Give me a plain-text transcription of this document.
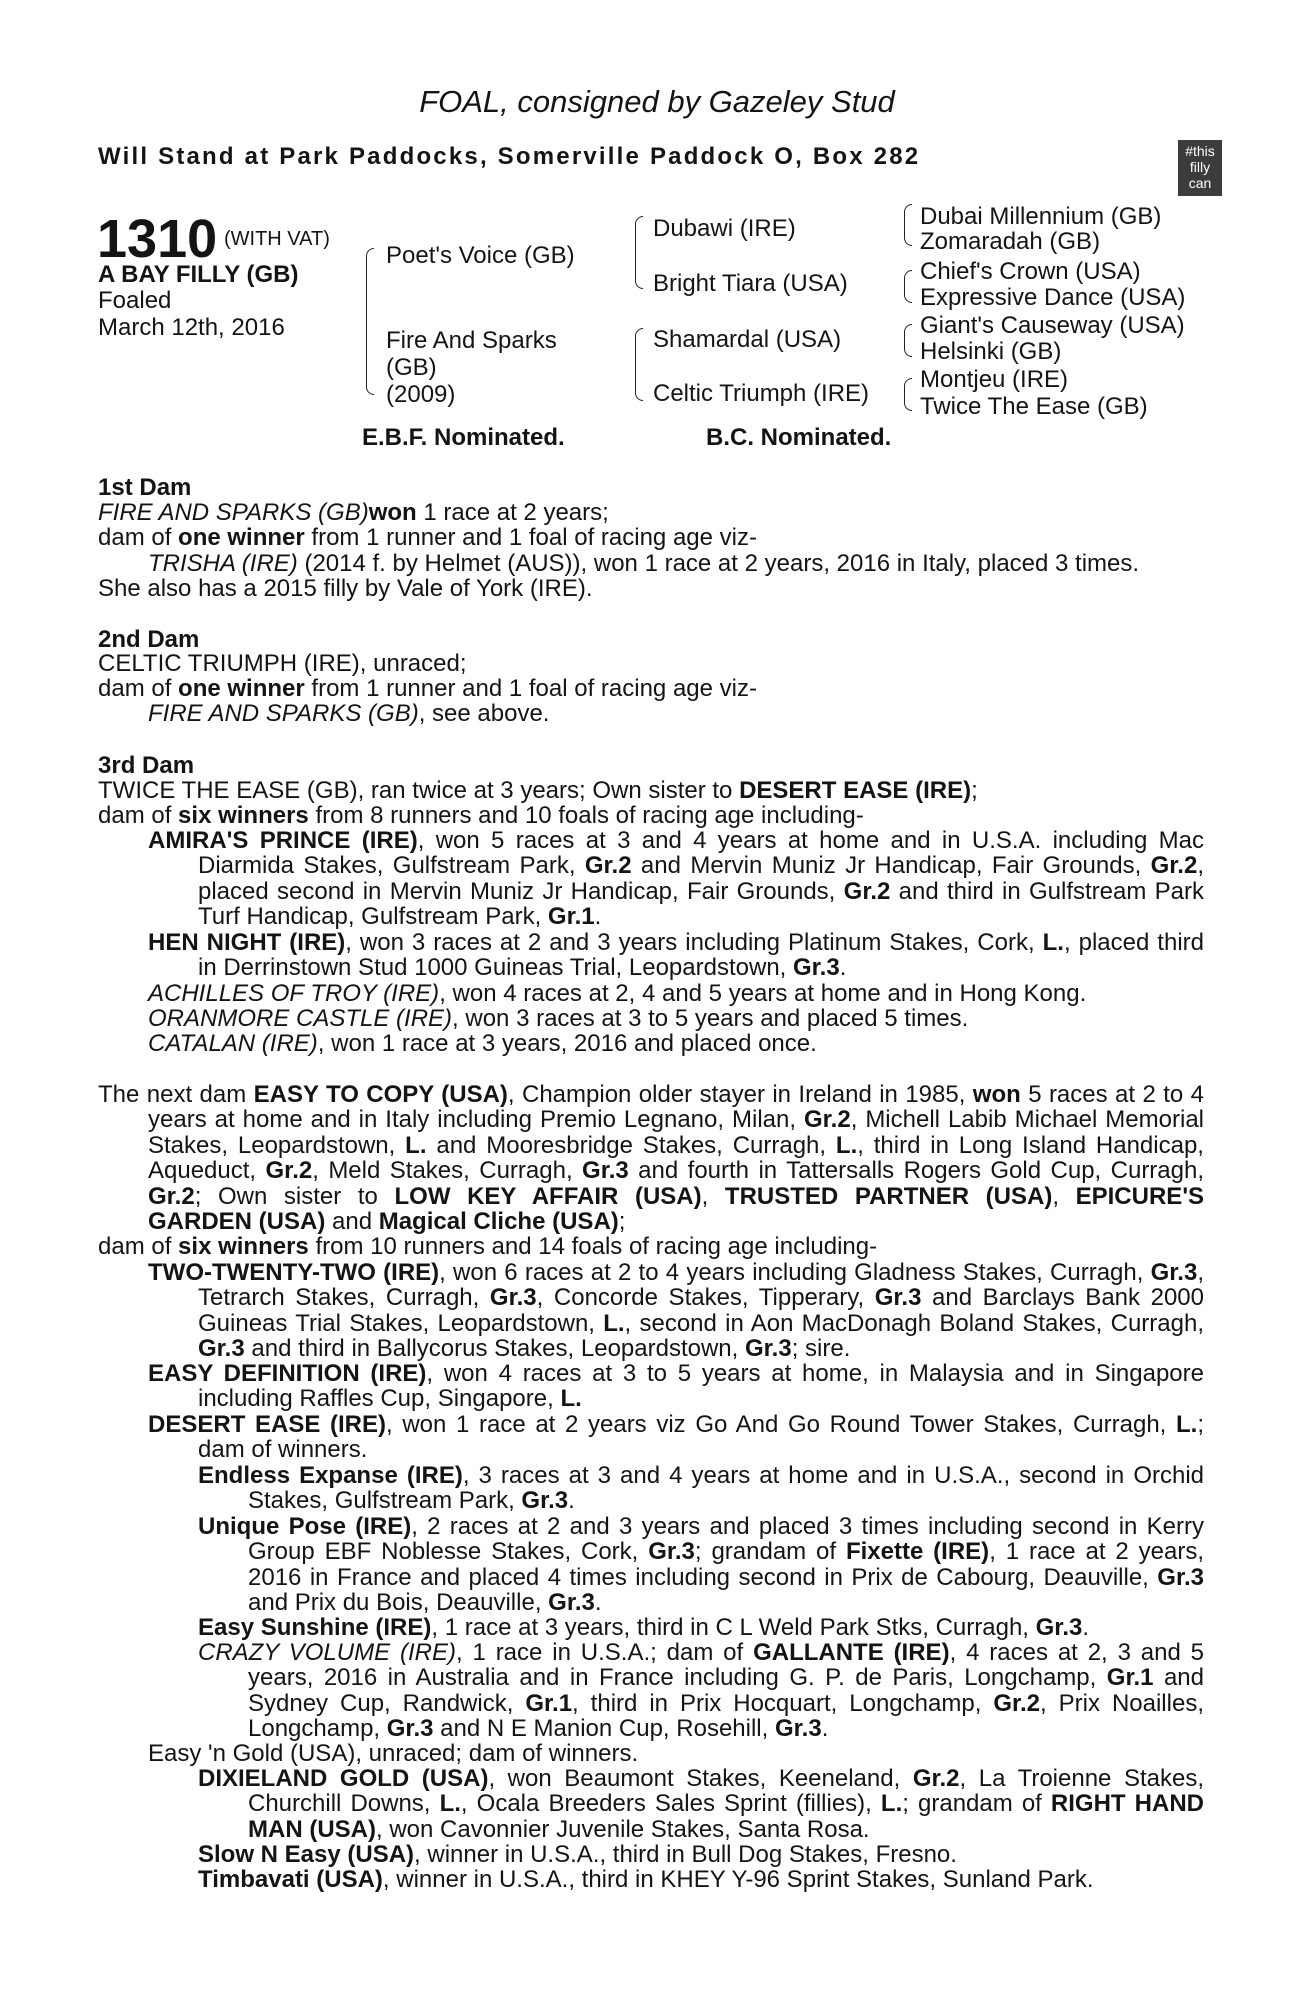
FOAL, consigned by Gazeley Stud
Will Stand at Park Paddocks, Somerville Paddock O, Box 282	#this
filly
can
1310 (WITH VAT)
A BAY FILLY (GB)
Foaled
March 12th, 2016
Poet's Voice (GB)
Fire And Sparks
(GB)
(2009)
Dubawi (IRE)
Bright Tiara (USA)
Shamardal (USA)
Celtic Triumph (IRE)
Dubai Millennium (GB)
Zomaradah (GB)
Chief's Crown (USA)
Expressive Dance (USA)
Giant's Causeway (USA)
Helsinki (GB)
Montjeu (IRE)
Twice The Ease (GB)
E.B.F. Nominated.	B.C. Nominated.
1st Dam
FIRE AND SPARKS (GB)won 1 race at 2 years;
dam of one winner from 1 runner and 1 foal of racing age viz-
TRISHA (IRE) (2014 f. by Helmet (AUS)), won 1 race at 2 years, 2016 in Italy, placed 3 times.
She also has a 2015 filly by Vale of York (IRE).
2nd Dam
CELTIC TRIUMPH (IRE), unraced;
dam of one winner from 1 runner and 1 foal of racing age viz-
FIRE AND SPARKS (GB), see above.
3rd Dam
TWICE THE EASE (GB), ran twice at 3 years; Own sister to DESERT EASE (IRE);
dam of six winners from 8 runners and 10 foals of racing age including-
AMIRA'S PRINCE (IRE), won 5 races at 3 and 4 years at home and in U.S.A. including Mac Diarmida Stakes, Gulfstream Park, Gr.2 and Mervin Muniz Jr Handicap, Fair Grounds, Gr.2, placed second in Mervin Muniz Jr Handicap, Fair Grounds, Gr.2 and third in Gulfstream Park Turf Handicap, Gulfstream Park, Gr.1.
HEN NIGHT (IRE), won 3 races at 2 and 3 years including Platinum Stakes, Cork, L., placed third in Derrinstown Stud 1000 Guineas Trial, Leopardstown, Gr.3.
ACHILLES OF TROY (IRE), won 4 races at 2, 4 and 5 years at home and in Hong Kong.
ORANMORE CASTLE (IRE), won 3 races at 3 to 5 years and placed 5 times.
CATALAN (IRE), won 1 race at 3 years, 2016 and placed once.
The next dam EASY TO COPY (USA), Champion older stayer in Ireland in 1985, won 5 races at 2 to 4 years at home and in Italy including Premio Legnano, Milan, Gr.2, Michell Labib Michael Memorial Stakes, Leopardstown, L. and Mooresbridge Stakes, Curragh, L., third in Long Island Handicap, Aqueduct, Gr.2, Meld Stakes, Curragh, Gr.3 and fourth in Tattersalls Rogers Gold Cup, Curragh, Gr.2; Own sister to LOW KEY AFFAIR (USA), TRUSTED PARTNER (USA), EPICURE'S GARDEN (USA) and Magical Cliche (USA);
dam of six winners from 10 runners and 14 foals of racing age including-
TWO-TWENTY-TWO (IRE), won 6 races at 2 to 4 years including Gladness Stakes, Curragh, Gr.3, Tetrarch Stakes, Curragh, Gr.3, Concorde Stakes, Tipperary, Gr.3 and Barclays Bank 2000 Guineas Trial Stakes, Leopardstown, L., second in Aon MacDonagh Boland Stakes, Curragh, Gr.3 and third in Ballycorus Stakes, Leopardstown, Gr.3; sire.
EASY DEFINITION (IRE), won 4 races at 3 to 5 years at home, in Malaysia and in Singapore including Raffles Cup, Singapore, L.
DESERT EASE (IRE), won 1 race at 2 years viz Go And Go Round Tower Stakes, Curragh, L.; dam of winners.
Endless Expanse (IRE), 3 races at 3 and 4 years at home and in U.S.A., second in Orchid Stakes, Gulfstream Park, Gr.3.
Unique Pose (IRE), 2 races at 2 and 3 years and placed 3 times including second in Kerry Group EBF Noblesse Stakes, Cork, Gr.3; grandam of Fixette (IRE), 1 race at 2 years, 2016 in France and placed 4 times including second in Prix de Cabourg, Deauville, Gr.3 and Prix du Bois, Deauville, Gr.3.
Easy Sunshine (IRE), 1 race at 3 years, third in C L Weld Park Stks, Curragh, Gr.3.
CRAZY VOLUME (IRE), 1 race in U.S.A.; dam of GALLANTE (IRE), 4 races at 2, 3 and 5 years, 2016 in Australia and in France including G. P. de Paris, Longchamp, Gr.1 and Sydney Cup, Randwick, Gr.1, third in Prix Hocquart, Longchamp, Gr.2, Prix Noailles, Longchamp, Gr.3 and N E Manion Cup, Rosehill, Gr.3.
Easy 'n Gold (USA), unraced; dam of winners.
DIXIELAND GOLD (USA), won Beaumont Stakes, Keeneland, Gr.2, La Troienne Stakes, Churchill Downs, L., Ocala Breeders Sales Sprint (fillies), L.; grandam of RIGHT HAND MAN (USA), won Cavonnier Juvenile Stakes, Santa Rosa.
Slow N Easy (USA), winner in U.S.A., third in Bull Dog Stakes, Fresno.
Timbavati (USA), winner in U.S.A., third in KHEY Y-96 Sprint Stakes, Sunland Park.
